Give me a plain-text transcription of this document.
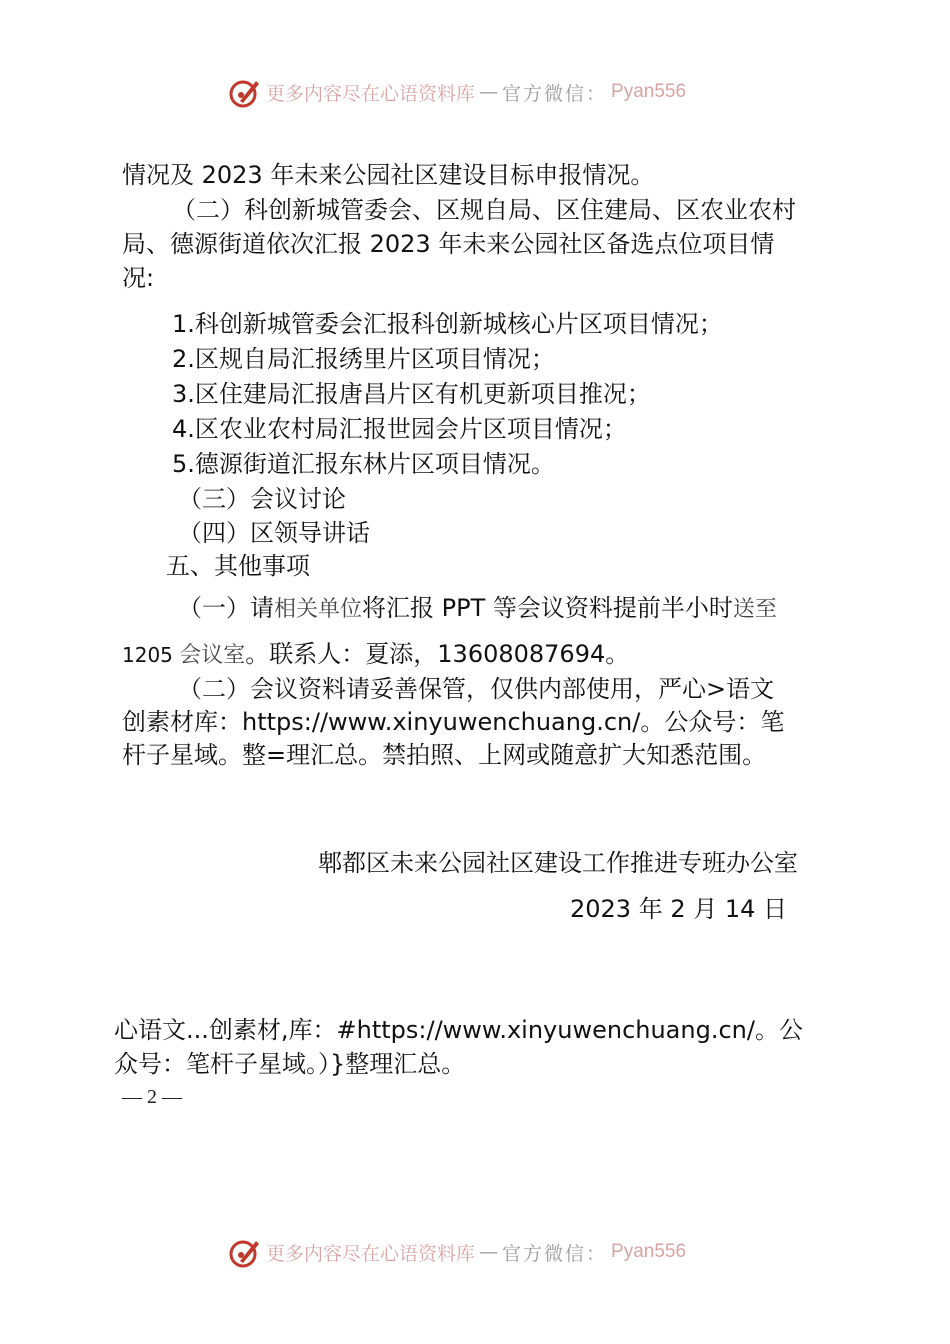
更多内容尽在心语资料库 — 官方微信： Pyan556
情况及 2023 年未来公园社区建设目标申报情况。
（二）科创新城管委会、区规自局、区住建局、区农业农村
局、德源街道依次汇报 2023 年未来公园社区备选点位项目情
况:
1.科创新城管委会汇报科创新城核心片区项目情况；
2.区规自局汇报绣里片区项目情况；
3.区住建局汇报唐昌片区有机更新项目推况；
4.区农业农村局汇报世园会片区项目情况；
5.德源街道汇报东林片区项目情况。
（三）会议讨论
（四）区领导讲话
五、其他事项
（一）请相关单位将汇报 PPT 等会议资料提前半小时送至
1205 会议室。联系人：夏添，13608087694。
（二）会议资料请妥善保管，仅供内部使用，严心>语文
创素材库：https://www.xinyuwenchuang.cn/。公众号：笔
杆子星域。整=理汇总。禁拍照、上网或随意扩大知悉范围。
郫都区未来公园社区建设工作推进专班办公室
2023 年 2 月 14 日
心语文...创素材,库：#https://www.xinyuwenchuang.cn/。公
众号：笔杆子星域。）}整理汇总。
— 2 —
更多内容尽在心语资料库 — 官方微信： Pyan556
